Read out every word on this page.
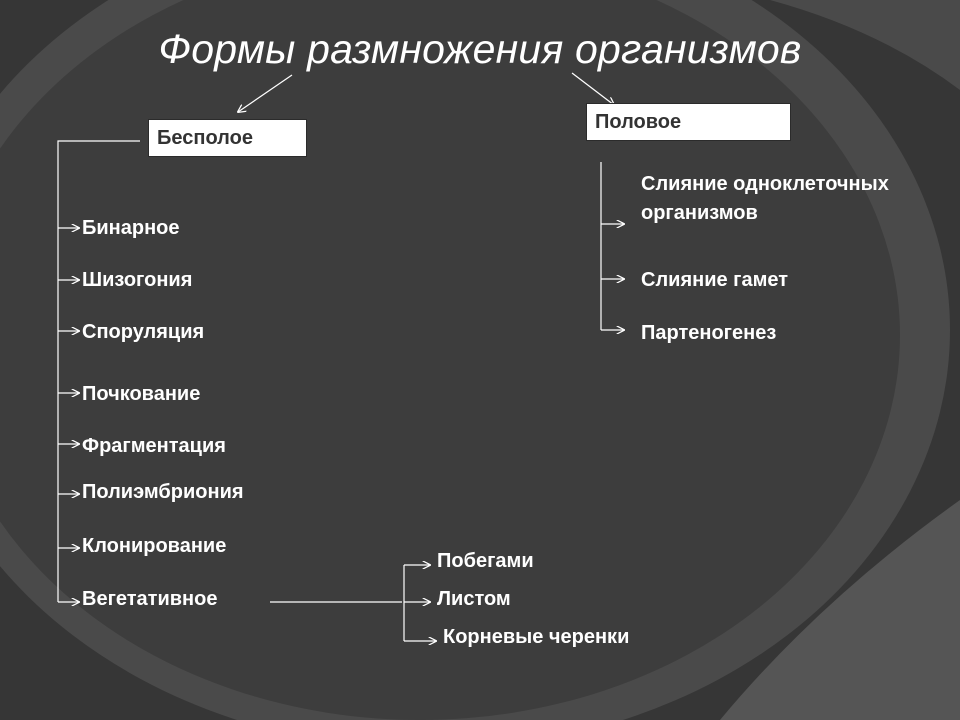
Формы размножения организмов
Бесполое
Половое
Бинарное
Шизогония
Споруляция
Почкование
Фрагментация
Полиэмбриония
Клонирование
Вегетативное
Слияние одноклеточных организмов
Слияние гамет
Партеногенез
Побегами
Листом
Корневые черенки
